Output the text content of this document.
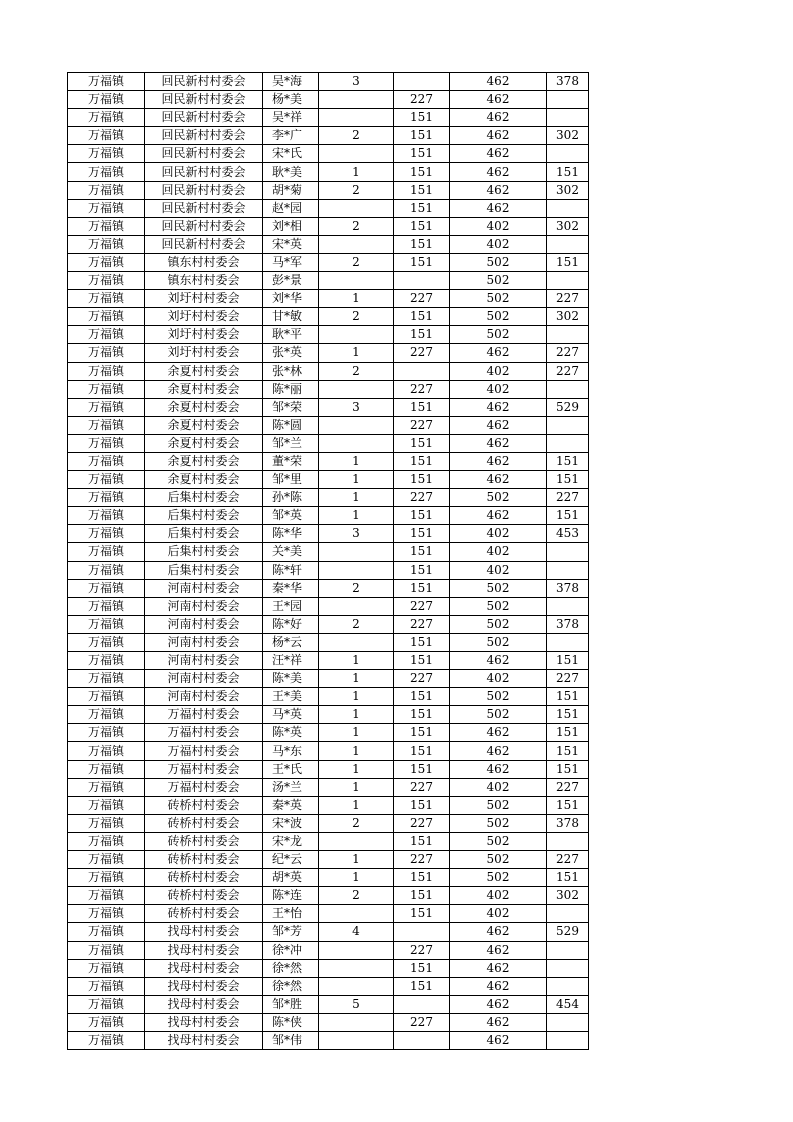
万福镇	回民新村村委会	吴*海	3		462	378
万福镇	回民新村村委会	杨*美		227	462	
万福镇	回民新村村委会	吴*祥		151	462	
万福镇	回民新村村委会	李*广	2	151	462	302
万福镇	回民新村村委会	宋*氏		151	462	
万福镇	回民新村村委会	耿*美	1	151	462	151
万福镇	回民新村村委会	胡*菊	2	151	462	302
万福镇	回民新村村委会	赵*园		151	462	
万福镇	回民新村村委会	刘*相	2	151	402	302
万福镇	回民新村村委会	宋*英		151	402	
万福镇	镇东村村委会	马*军	2	151	502	151
万福镇	镇东村村委会	彭*景			502	
万福镇	刘圩村村委会	刘*华	1	227	502	227
万福镇	刘圩村村委会	甘*敏	2	151	502	302
万福镇	刘圩村村委会	耿*平		151	502	
万福镇	刘圩村村委会	张*英	1	227	462	227
万福镇	余夏村村委会	张*林	2		402	227
万福镇	余夏村村委会	陈*丽		227	402	
万福镇	余夏村村委会	邹*荣	3	151	462	529
万福镇	余夏村村委会	陈*圆		227	462	
万福镇	余夏村村委会	邹*兰		151	462	
万福镇	余夏村村委会	董*荣	1	151	462	151
万福镇	余夏村村委会	邹*里	1	151	462	151
万福镇	后集村村委会	孙*陈	1	227	502	227
万福镇	后集村村委会	邹*英	1	151	462	151
万福镇	后集村村委会	陈*华	3	151	402	453
万福镇	后集村村委会	关*美		151	402	
万福镇	后集村村委会	陈*轩		151	402	
万福镇	河南村村委会	秦*华	2	151	502	378
万福镇	河南村村委会	王*园		227	502	
万福镇	河南村村委会	陈*好	2	227	502	378
万福镇	河南村村委会	杨*云		151	502	
万福镇	河南村村委会	汪*祥	1	151	462	151
万福镇	河南村村委会	陈*美	1	227	402	227
万福镇	河南村村委会	王*美	1	151	502	151
万福镇	万福村村委会	马*英	1	151	502	151
万福镇	万福村村委会	陈*英	1	151	462	151
万福镇	万福村村委会	马*东	1	151	462	151
万福镇	万福村村委会	王*氏	1	151	462	151
万福镇	万福村村委会	汤*兰	1	227	402	227
万福镇	砖桥村村委会	秦*英	1	151	502	151
万福镇	砖桥村村委会	宋*波	2	227	502	378
万福镇	砖桥村村委会	宋*龙		151	502	
万福镇	砖桥村村委会	纪*云	1	227	502	227
万福镇	砖桥村村委会	胡*英	1	151	502	151
万福镇	砖桥村村委会	陈*连	2	151	402	302
万福镇	砖桥村村委会	王*怡		151	402	
万福镇	找母村村委会	邹*芳	4		462	529
万福镇	找母村村委会	徐*冲		227	462	
万福镇	找母村村委会	徐*然		151	462	
万福镇	找母村村委会	徐*然		151	462	
万福镇	找母村村委会	邹*胜	5		462	454
万福镇	找母村村委会	陈*侠		227	462	
万福镇	找母村村委会	邹*伟			462	
